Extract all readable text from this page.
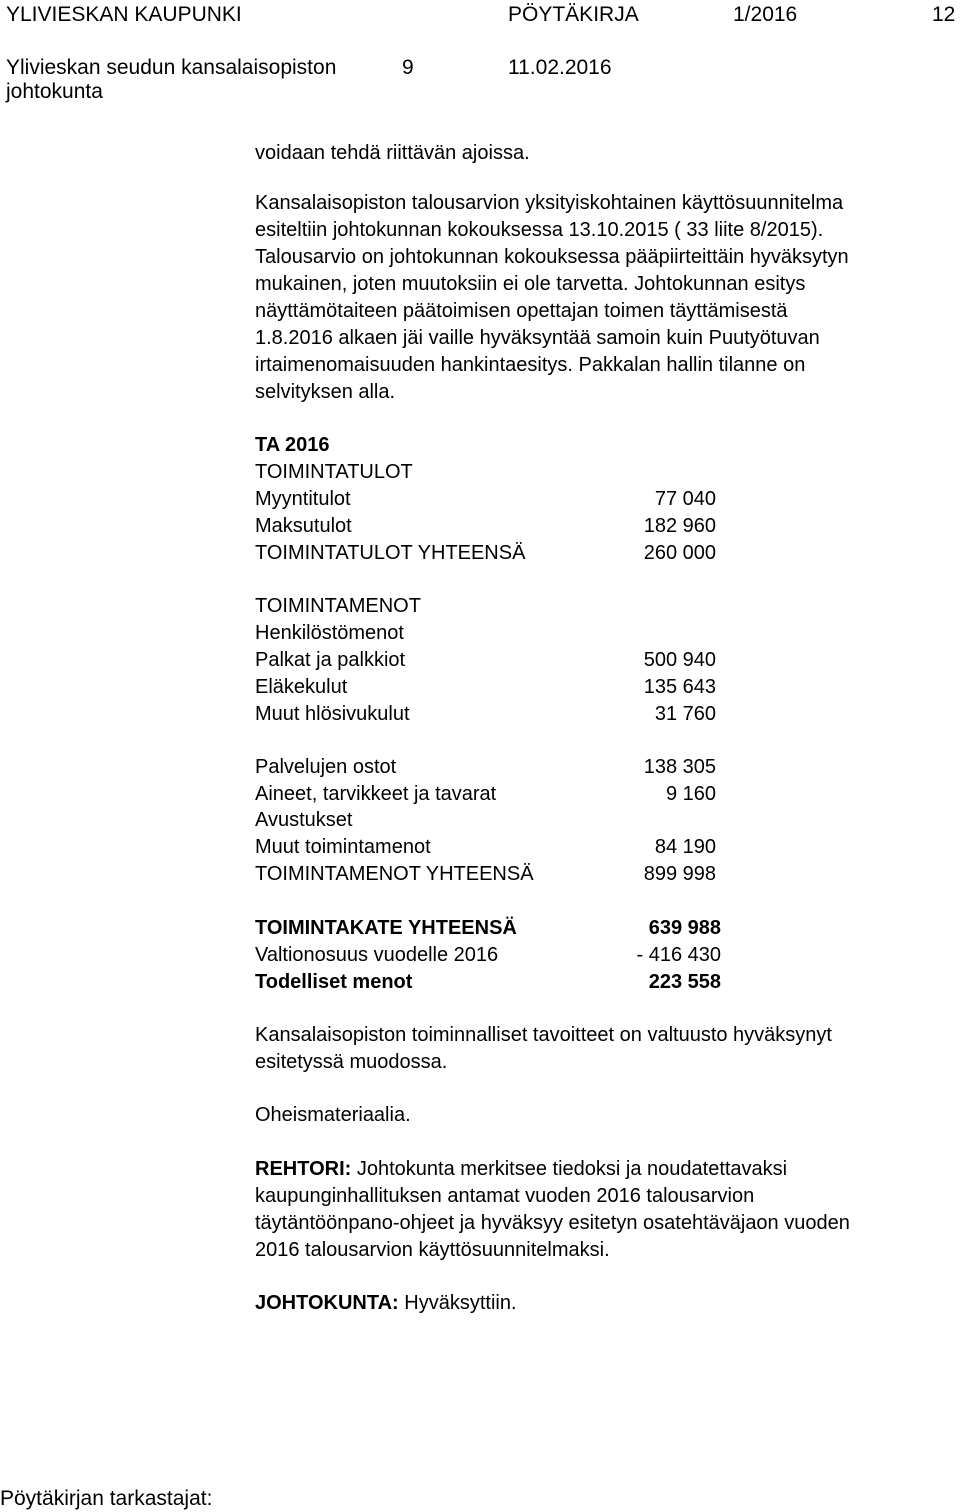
YLIVIESKAN KAUPUNKI	PÖYTÄKIRJA	1/2016	12
Ylivieskan seudun kansalaisopiston	9	11.02.2016
johtokunta
voidaan tehdä riittävän ajoissa.
Kansalaisopiston talousarvion yksityiskohtainen käyttösuunnitelma
esiteltiin johtokunnan kokouksessa 13.10.2015 ( 33 liite 8/2015).
Talousarvio on johtokunnan kokouksessa pääpiirteittäin hyväksytyn
mukainen, joten muutoksiin ei ole tarvetta. Johtokunnan esitys
näyttämötaiteen päätoimisen opettajan toimen täyttämisestä
1.8.2016 alkaen jäi vaille hyväksyntää samoin kuin Puutyötuvan
irtaimenomaisuuden hankintaesitys. Pakkalan hallin tilanne on
selvityksen alla.
TA 2016
TOIMINTATULOT
Myyntitulot	77 040
Maksutulot	182 960
TOIMINTATULOT YHTEENSÄ	260 000
TOIMINTAMENOT
Henkilöstömenot
Palkat ja palkkiot	500 940
Eläkekulut	135 643
Muut hlösivukulut	31 760
Palvelujen ostot	138 305
Aineet, tarvikkeet ja tavarat	9 160
Avustukset
Muut toimintamenot	84 190
TOIMINTAMENOT YHTEENSÄ	899 998
TOIMINTAKATE YHTEENSÄ	639 988
Valtionosuus vuodelle 2016	- 416 430
Todelliset menot	223 558
Kansalaisopiston toiminnalliset tavoitteet on valtuusto hyväksynyt
esitetyssä muodossa.
Oheismateriaalia.
REHTORI: Johtokunta merkitsee tiedoksi ja noudatettavaksi
kaupunginhallituksen antamat vuoden 2016 talousarvion
täytäntöönpano-ohjeet ja hyväksyy esitetyn osatehtäväjaon vuoden
2016 talousarvion käyttösuunnitelmaksi.
JOHTOKUNTA: Hyväksyttiin.
Pöytäkirjan tarkastajat:
